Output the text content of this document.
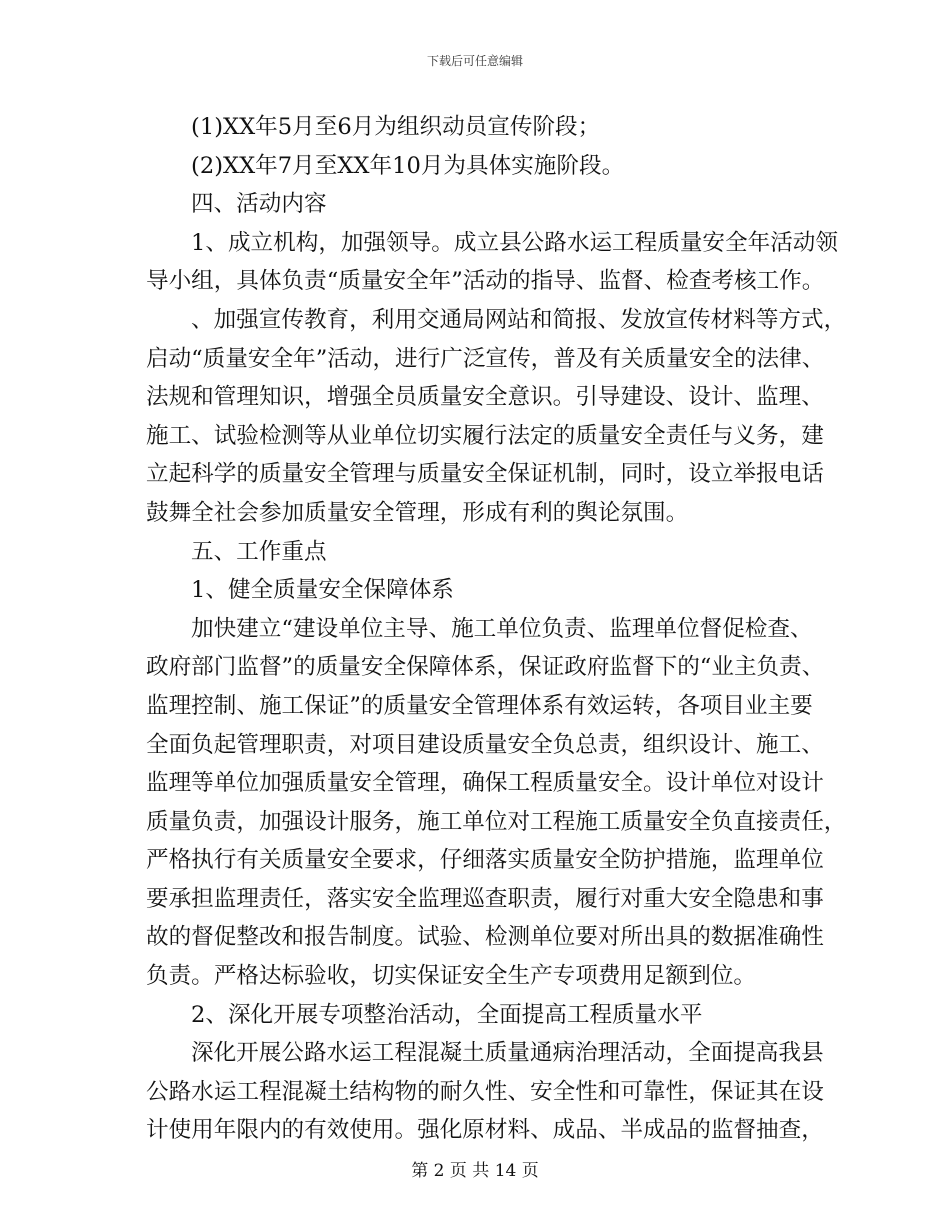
下载后可任意编辑
(1)XX年5月至6月为组织动员宣传阶段；
(2)XX年7月至XX年10月为具体实施阶段。
四、活动内容
1、成立机构，加强领导。成立县公路水运工程质量安全年活动领
导小组，具体负责“质量安全年”活动的指导、监督、检查考核工作。
、加强宣传教育，利用交通局网站和简报、发放宣传材料等方式，
启动“质量安全年”活动，进行广泛宣传，普及有关质量安全的法律、
法规和管理知识，增强全员质量安全意识。引导建设、设计、监理、
施工、试验检测等从业单位切实履行法定的质量安全责任与义务，建
立起科学的质量安全管理与质量安全保证机制，同时，设立举报电话
鼓舞全社会参加质量安全管理，形成有利的舆论氛围。
五、工作重点
1、健全质量安全保障体系
加快建立“建设单位主导、施工单位负责、监理单位督促检查、
政府部门监督”的质量安全保障体系，保证政府监督下的“业主负责、
监理控制、施工保证”的质量安全管理体系有效运转，各项目业主要
全面负起管理职责，对项目建设质量安全负总责，组织设计、施工、
监理等单位加强质量安全管理，确保工程质量安全。设计单位对设计
质量负责，加强设计服务，施工单位对工程施工质量安全负直接责任，
严格执行有关质量安全要求，仔细落实质量安全防护措施，监理单位
要承担监理责任，落实安全监理巡查职责，履行对重大安全隐患和事
故的督促整改和报告制度。试验、检测单位要对所出具的数据准确性
负责。严格达标验收，切实保证安全生产专项费用足额到位。
2、深化开展专项整治活动，全面提高工程质量水平
深化开展公路水运工程混凝土质量通病治理活动，全面提高我县
公路水运工程混凝土结构物的耐久性、安全性和可靠性，保证其在设
计使用年限内的有效使用。强化原材料、成品、半成品的监督抽查，
第 2 页 共 14 页
